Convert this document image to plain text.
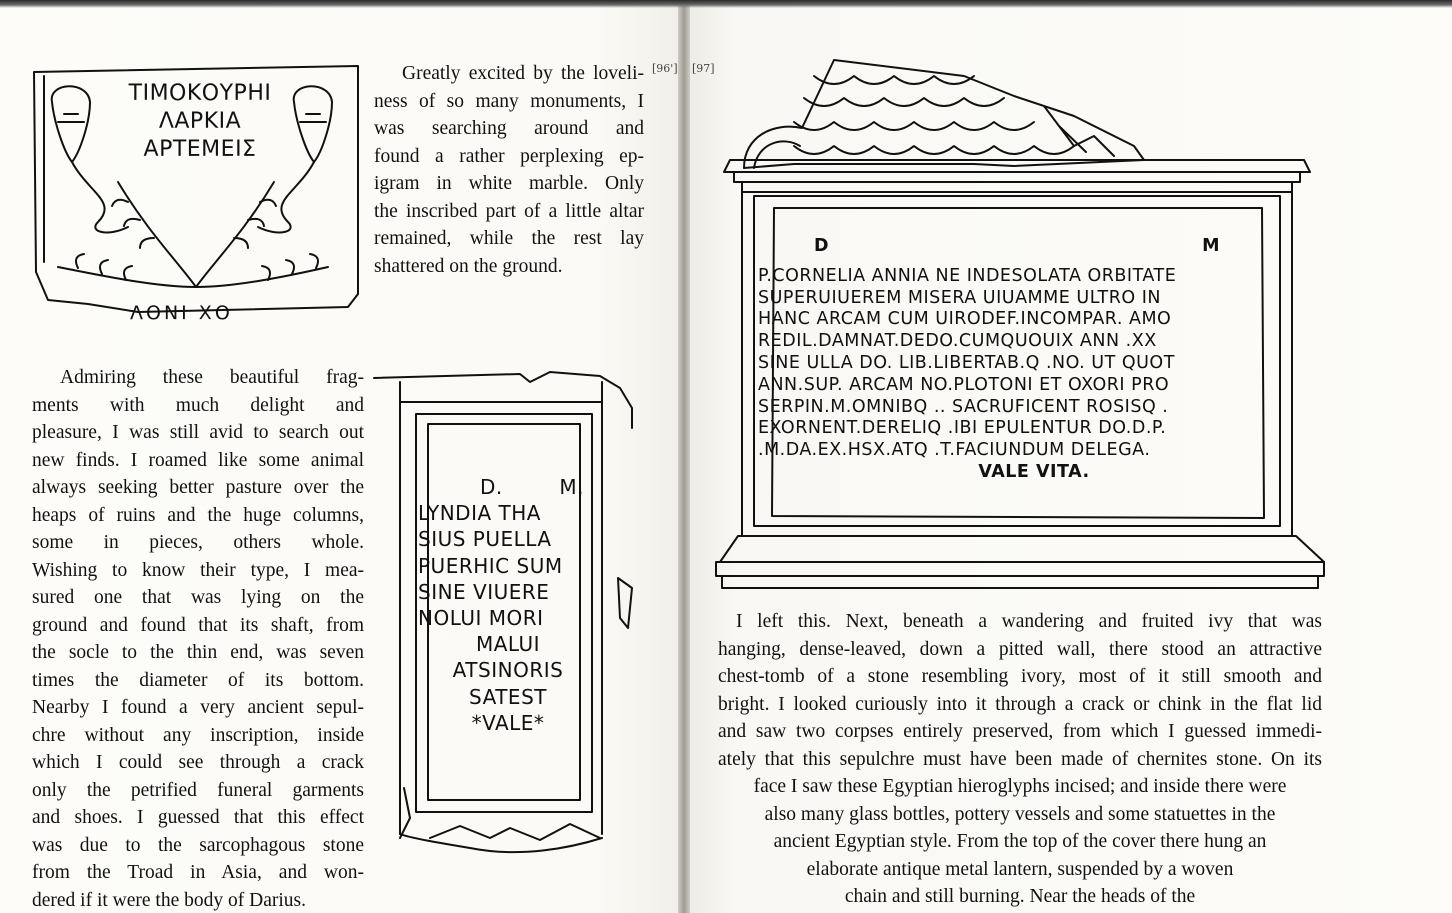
ΤΙΜΟΚΟΥΡΗΙ
ΛΑΡΚΙΑ
ΑΡΤΕΜΕΙΣ
ΛΟΝΙ ΧΟ
Greatly excited by the loveli-
ness of so many monuments, I
was searching around and
found a rather perplexing ep-
igram in white marble. Only
the inscribed part of a little altar
remained, while the rest lay
shattered on the ground.
Admiring these beautiful frag-
ments with much delight and
pleasure, I was still avid to search out
new finds. I roamed like some animal
always seeking better pasture over the
heaps of ruins and the huge columns,
some in pieces, others whole.
Wishing to know their type, I mea-
sured one that was lying on the
ground and found that its shaft, from
the socle to the thin end, was seven
times the diameter of its bottom.
Nearby I found a very ancient sepul-
chre without any inscription, inside
which I could see through a crack
only the petrified funeral garments
and shoes. I guessed that this effect
was due to the sarcophagous stone
from the Troad in Asia, and won-
dered if it were the body of Darius.
D.	M.
LYNDIA THA
SIUS PUELLA
PUERHIC SUM
SINE VIUERE
NOLUI MORI
MALUI
ATSINORIS
SATEST
*VALE*
[96'] [97]
D	M
P.CORNELIA ANNIA NE INDESOLATA ORBITATE
SUPERUIUEREM MISERA UIUAMME ULTRO IN
HANC ARCAM CUM UIRODEF.INCOMPAR. AMO
REDIL.DAMNAT.DEDO.CUMQUOUIX ANN .XX
SINE ULLA DO. LIB.LIBERTAB.Q .NO. UT QUOT
ANN.SUP. ARCAM NO.PLOTONI ET OXORI PRO
SERPIN.M.OMNIBQ .. SACRUFICENT ROSISQ .
EXORNENT.DERELIQ .IBI EPULENTUR DO.D.P.
.M.DA.EX.HSX.ATQ .T.FACIUNDUM DELEGA.
VALE VITA.
I left this. Next, beneath a wandering and fruited ivy that was
hanging, dense-leaved, down a pitted wall, there stood an attractive
chest-tomb of a stone resembling ivory, most of it still smooth and
bright. I looked curiously into it through a crack or chink in the flat lid
and saw two corpses entirely preserved, from which I guessed immedi-
ately that this sepulchre must have been made of chernites stone. On its
face I saw these Egyptian hieroglyphs incised; and inside there were
also many glass bottles, pottery vessels and some statuettes in the
ancient Egyptian style. From the top of the cover there hung an
elaborate antique metal lantern, suspended by a woven
chain and still burning. Near the heads of the
